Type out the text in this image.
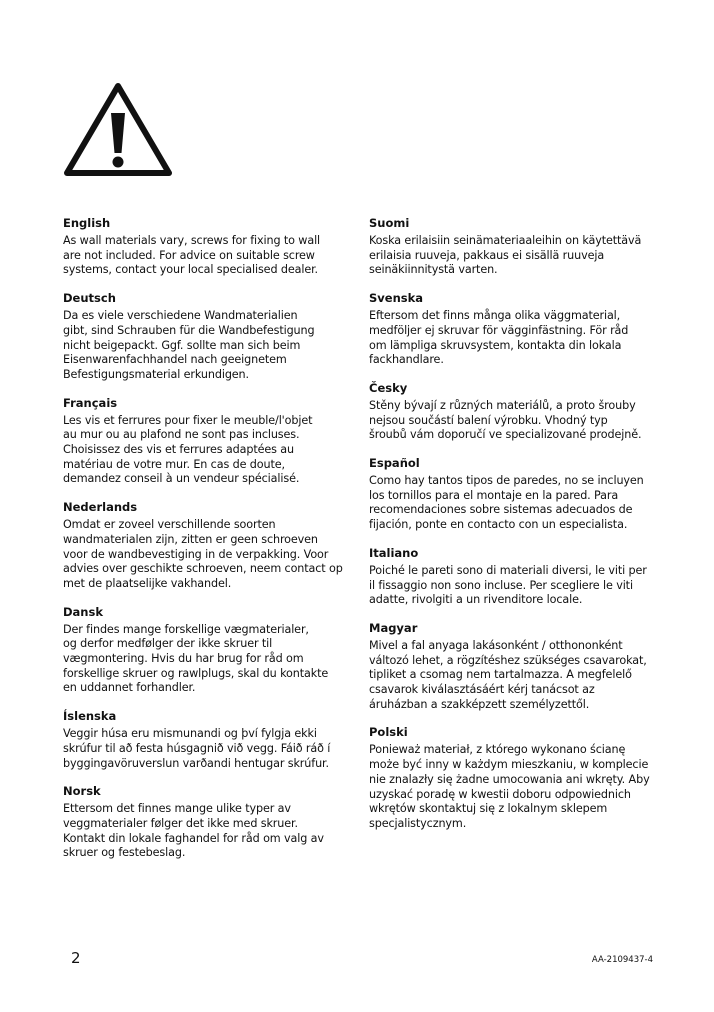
English
As wall materials vary, screws for fixing to wall
are not included. For advice on suitable screw
systems, contact your local specialised dealer.
Deutsch
Da es viele verschiedene Wandmaterialien
gibt, sind Schrauben für die Wandbefestigung
nicht beigepackt. Ggf. sollte man sich beim
Eisenwarenfachhandel nach geeignetem
Befestigungsmaterial erkundigen.
Français
Les vis et ferrures pour fixer le meuble/l'objet
au mur ou au plafond ne sont pas incluses.
Choisissez des vis et ferrures adaptées au
matériau de votre mur. En cas de doute,
demandez conseil à un vendeur spécialisé.
Nederlands
Omdat er zoveel verschillende soorten
wandmaterialen zijn, zitten er geen schroeven
voor de wandbevestiging in de verpakking. Voor
advies over geschikte schroeven, neem contact op
met de plaatselijke vakhandel.
Dansk
Der findes mange forskellige vægmaterialer,
og derfor medfølger der ikke skruer til
vægmontering. Hvis du har brug for råd om
forskellige skruer og rawlplugs, skal du kontakte
en uddannet forhandler.
Íslenska
Veggir húsa eru mismunandi og því fylgja ekki
skrúfur til að festa húsgagnið við vegg. Fáið ráð í
byggingavöruverslun varðandi hentugar skrúfur.
Norsk
Ettersom det finnes mange ulike typer av
veggmaterialer følger det ikke med skruer.
Kontakt din lokale faghandel for råd om valg av
skruer og festebeslag.
Suomi
Koska erilaisiin seinämateriaaleihin on käytettävä
erilaisia ruuveja, pakkaus ei sisällä ruuveja
seinäkiinnitystä varten.
Svenska
Eftersom det finns många olika väggmaterial,
medföljer ej skruvar för vägginfästning. För råd
om lämpliga skruvsystem, kontakta din lokala
fackhandlare.
Česky
Stěny bývají z různých materiálů, a proto šrouby
nejsou součástí balení výrobku. Vhodný typ
šroubů vám doporučí ve specializované prodejně.
Español
Como hay tantos tipos de paredes, no se incluyen
los tornillos para el montaje en la pared. Para
recomendaciones sobre sistemas adecuados de
fijación, ponte en contacto con un especialista.
Italiano
Poiché le pareti sono di materiali diversi, le viti per
il fissaggio non sono incluse. Per scegliere le viti
adatte, rivolgiti a un rivenditore locale.
Magyar
Mivel a fal anyaga lakásonként / otthononként
változó lehet, a rögzítéshez szükséges csavarokat,
tipliket a csomag nem tartalmazza. A megfelelő
csavarok kiválasztásáért kérj tanácsot az
áruházban a szakképzett személyzettől.
Polski
Ponieważ materiał, z którego wykonano ścianę
może być inny w każdym mieszkaniu, w komplecie
nie znalazły się żadne umocowania ani wkręty. Aby
uzyskać poradę w kwestii doboru odpowiednich
wkrętów skontaktuj się z lokalnym sklepem
specjalistycznym.
2	AA-2109437-4
